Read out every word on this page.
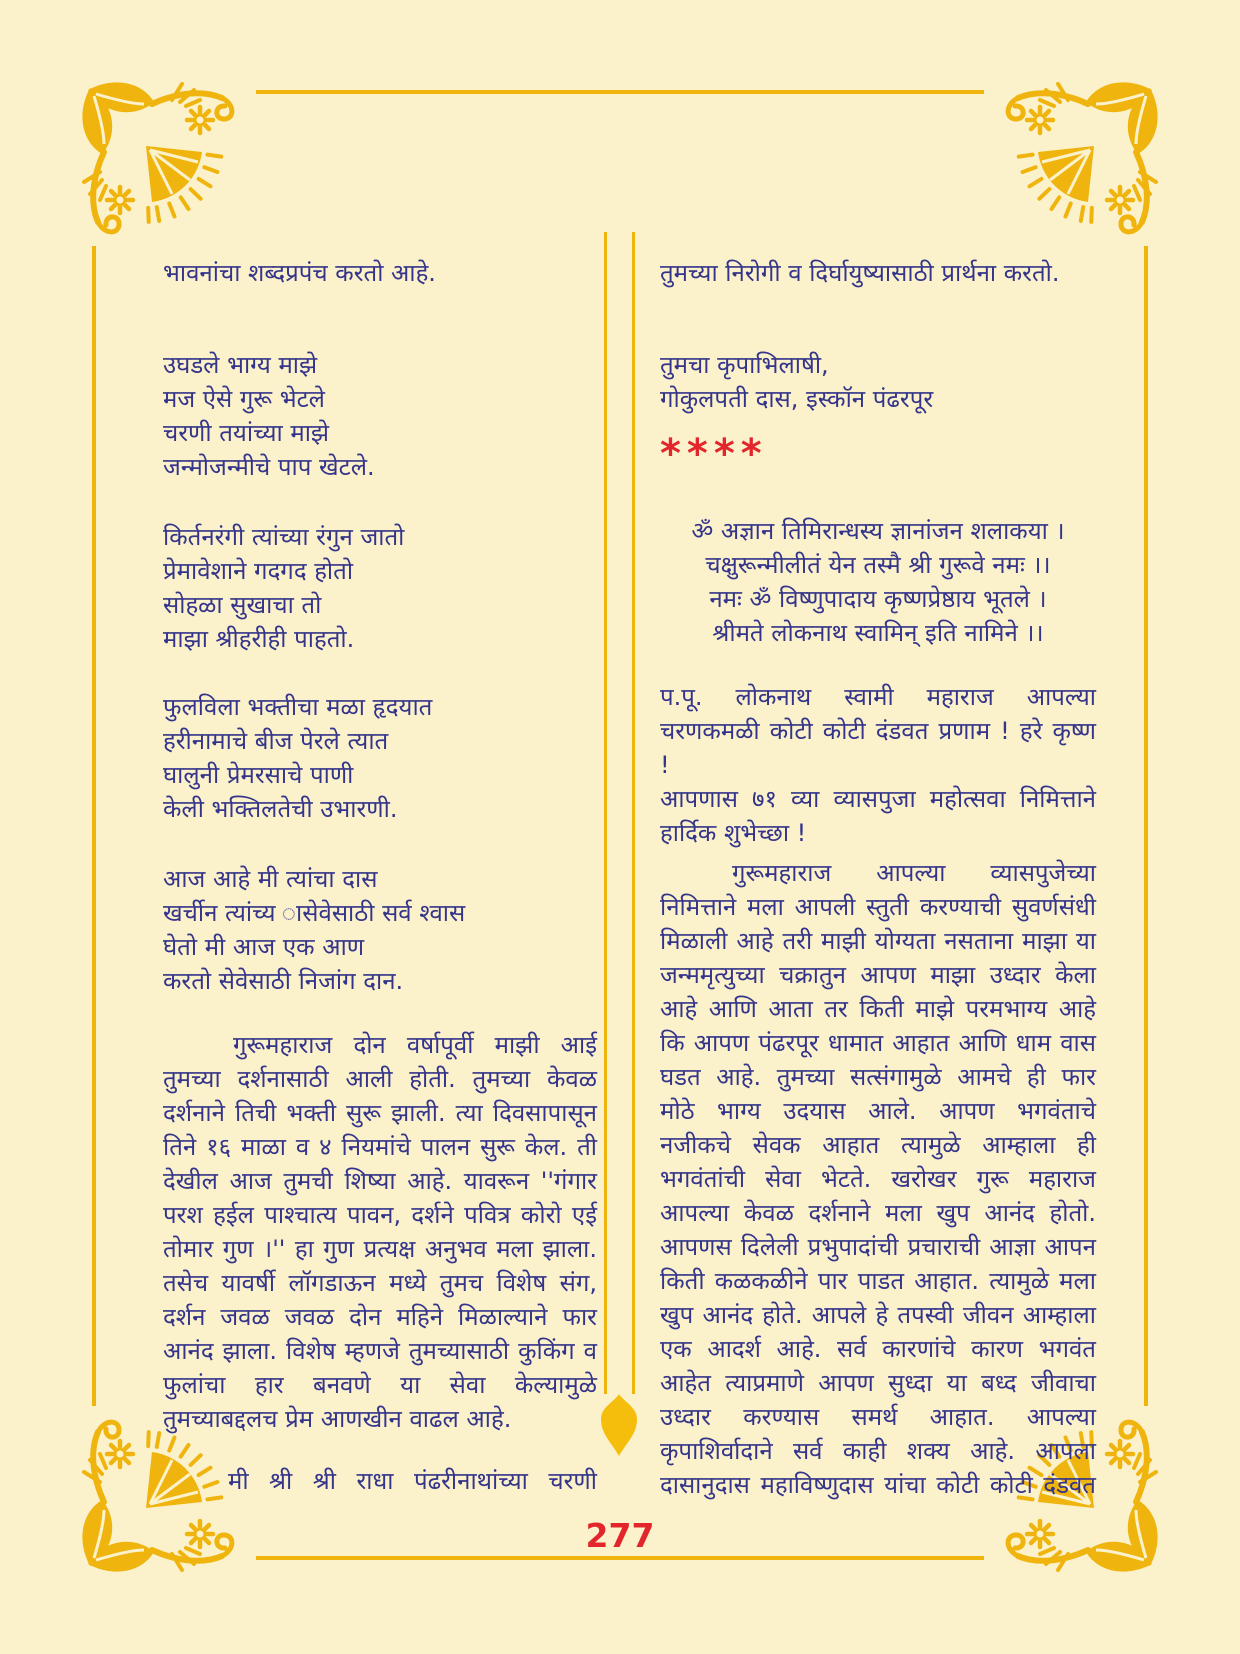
भावनांचा शब्दप्रपंच करतो आहे.
उघडले भाग्य माझे
मज ऐसे गुरू भेटले
चरणी तयांच्या माझे
जन्मोजन्मीचे पाप खेटले.
किर्तनरंगी त्यांच्या रंगुन जातो
प्रेमावेशाने गदगद होतो
सोहळा सुखाचा तो
माझा श्रीहरीही पाहतो.
फुलविला भक्तीचा मळा हृदयात
हरीनामाचे बीज पेरले त्यात
घालुनी प्रेमरसाचे पाणी
केली भक्तिलतेची उभारणी.
आज आहे मी त्यांचा दास
खर्चीन त्यांच्य ासेवेसाठी सर्व श्वास
घेतो मी आज एक आण
करतो सेवेसाठी निजांग दान.
गुरूमहाराज दोन वर्षापूर्वी माझी आई
तुमच्या दर्शनासाठी आली होती. तुमच्या केवळ
दर्शनाने तिची भक्ती सुरू झाली. त्या दिवसापासून
तिने १६ माळा व ४ नियमांचे पालन सुरू केल. ती
देखील आज तुमची शिष्या आहे. यावरून ''गंगार
परश हईल पाश्चात्य पावन, दर्शने पवित्र कोरो एई
तोमार गुण ।'' हा गुण प्रत्यक्ष अनुभव मला झाला.
तसेच यावर्षी लॉगडाऊन मध्ये तुमच विशेष संग,
दर्शन जवळ जवळ दोन महिने मिळाल्याने फार
आनंद झाला. विशेष म्हणजे तुमच्यासाठी कुकिंग व
फुलांचा हार बनवणे या सेवा केल्यामुळे
तुमच्याबद्दलच प्रेम आणखीन वाढल आहे.
मी श्री श्री राधा पंढरीनाथांच्या चरणी
तुमच्या निरोगी व दिर्घायुष्यासाठी प्रार्थना करतो.
तुमचा कृपाभिलाषी,
गोकुलपती दास, इस्कॉन पंढरपूर
****
ॐ अज्ञान तिमिरान्धस्य ज्ञानांजन शलाकया ।
चक्षुरून्मीलीतं येन तस्मै श्री गुरूवे नमः ।।
नमः ॐ विष्णुपादाय कृष्णप्रेष्ठाय भूतले ।
श्रीमते लोकनाथ स्वामिन् इति नामिने ।।
प.पू. लोकनाथ स्वामी महाराज आपल्या
चरणकमळी कोटी कोटी दंडवत प्रणाम ! हरे कृष्ण
!
आपणास ७१ व्या व्यासपुजा महोत्सवा निमित्ताने
हार्दिक शुभेच्छा !
गुरूमहाराज आपल्या व्यासपुजेच्या
निमित्ताने मला आपली स्तुती करण्याची सुवर्णसंधी
मिळाली आहे तरी माझी योग्यता नसताना माझा या
जन्ममृत्युच्या चक्रातुन आपण माझा उध्दार केला
आहे आणि आता तर किती माझे परमभाग्य आहे
कि आपण पंढरपूर धामात आहात आणि धाम वास
घडत आहे. तुमच्या सत्संगामुळे आमचे ही फार
मोठे भाग्य उदयास आले. आपण भगवंताचे
नजीकचे सेवक आहात त्यामुळे आम्हाला ही
भगवंतांची सेवा भेटते. खरोखर गुरू महाराज
आपल्या केवळ दर्शनाने मला खुप आनंद होतो.
आपणस दिलेली प्रभुपादांची प्रचाराची आज्ञा आपन
किती कळकळीने पार पाडत आहात. त्यामुळे मला
खुप आनंद होते. आपले हे तपस्वी जीवन आम्हाला
एक आदर्श आहे. सर्व कारणांचे कारण भगवंत
आहेत त्याप्रमाणे आपण सुध्दा या बध्द जीवाचा
उध्दार करण्यास समर्थ आहात. आपल्या
कृपाशिर्वादाने सर्व काही शक्य आहे. आपला
दासानुदास महाविष्णुदास यांचा कोटी कोटी दंडवत
277
